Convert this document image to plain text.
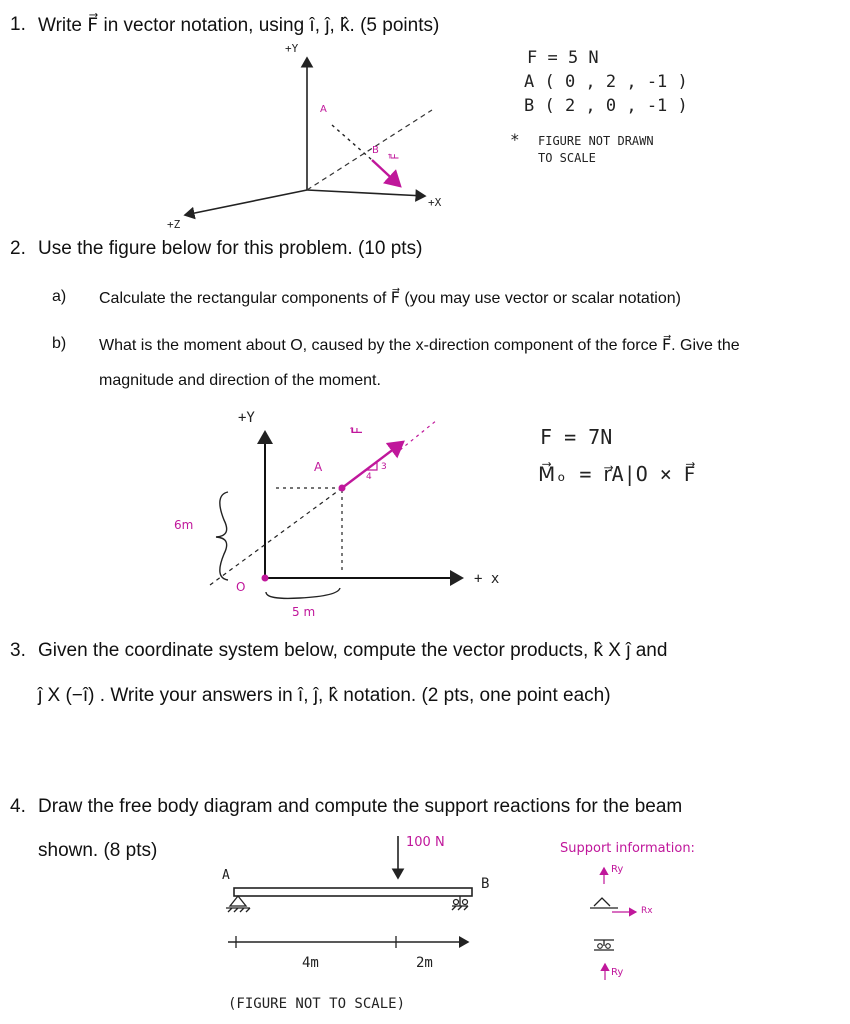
1. Write F⃗ in vector notation, using î, ĵ, k̂. (5 points)
F = 5 N
A ( 0 , 2 , -1 )
B ( 2 , 0 , -1 )
* FIGURE NOT DRAWN
TO SCALE
+Y
+X
+Z
A
B
F⃗
2. Use the figure below for this problem. (10 pts)
a) Calculate the rectangular components of F⃗ (you may use vector or scalar notation)
b) What is the moment about O, caused by the x-direction component of the force F⃗. Give the
magnitude and direction of the moment.
F = 7N
M⃗ₒ = r⃗A|O × F⃗
+Y
+ x
A
F⃗
3
4
O
6m
5 m
3. Given the coordinate system below, compute the vector products, k̂ X ĵ and
ĵ X (−î) . Write your answers in î, ĵ, k̂ notation. (2 pts, one point each)
4. Draw the free body diagram and compute the support reactions for the beam
shown. (8 pts)	100 N
A
B
4m	2m
(FIGURE NOT TO SCALE)
Support information:
Ry
Rx
Ry
